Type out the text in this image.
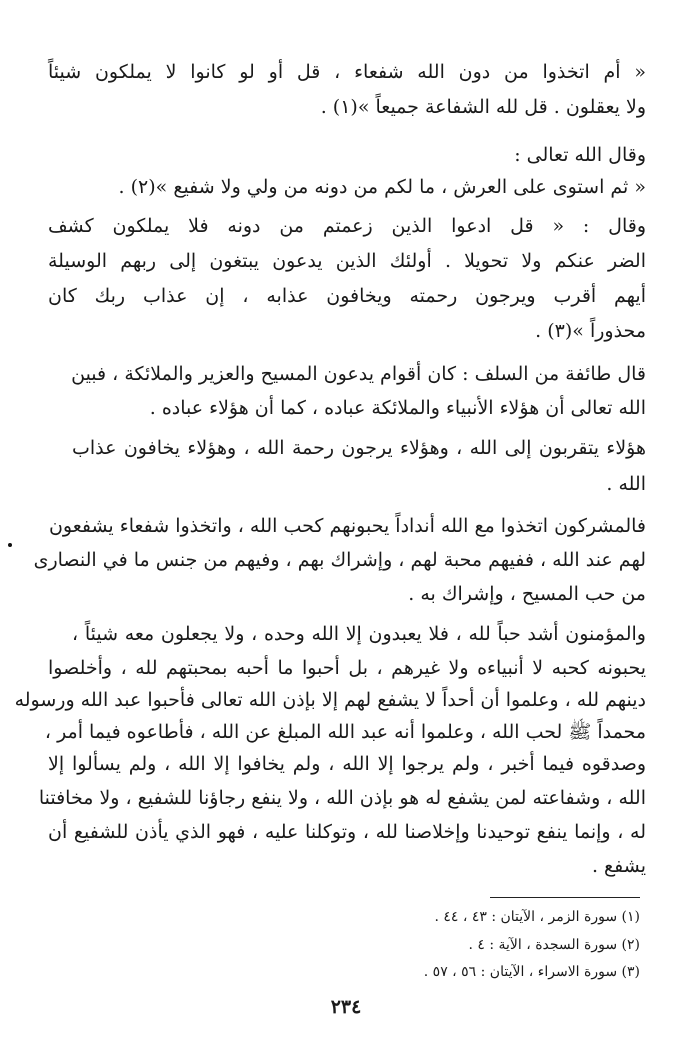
« أم اتخذوا من دون الله شفعاء ، قل أو لو كانوا لا يملكون شيئاً
ولا يعقلون . قل لله الشفاعة جميعاً »(١) .
وقال الله تعالى :
« ثم استوى على العرش ، ما لكم من دونه من ولي ولا شفيع »(٢) .
وقال : « قل ادعوا الذين زعمتم من دونه فلا يملكون كشف
الضر عنكم ولا تحويلا . أولئك الذين يدعون يبتغون إلى ربهم الوسيلة
أيهم أقرب ويرجون رحمته ويخافون عذابه ، إن عذاب ربك كان
محذوراً »(٣) .
قال طائفة من السلف : كان أقوام يدعون المسيح والعزير والملائكة ، فبين
الله تعالى أن هؤلاء الأنبياء والملائكة عباده ، كما أن هؤلاء عباده .
هؤلاء يتقربون إلى الله ، وهؤلاء يرجون رحمة الله ، وهؤلاء يخافون عذاب
الله .
فالمشركون اتخذوا مع الله أنداداً يحبونهم كحب الله ، واتخذوا شفعاء يشفعون
لهم عند الله ، ففيهم محبة لهم ، وإشراك بهم ، وفيهم من جنس ما في النصارى
من حب المسيح ، وإشراك به .
والمؤمنون أشد حباً لله ، فلا يعبدون إلا الله وحده ، ولا يجعلون معه شيئاً ،
يحبونه كحبه لا أنبياءه ولا غيرهم ، بل أحبوا ما أحبه بمحبتهم لله ، وأخلصوا
دينهم لله ، وعلموا أن أحداً لا يشفع لهم إلا بإذن الله تعالى فأحبوا عبد الله ورسوله
محمداً ﷺ لحب الله ، وعلموا أنه عبد الله المبلغ عن الله ، فأطاعوه فيما أمر ،
وصدقوه فيما أخبر ، ولم يرجوا إلا الله ، ولم يخافوا إلا الله ، ولم يسألوا إلا
الله ، وشفاعته لمن يشفع له هو بإذن الله ، ولا ينفع رجاؤنا للشفيع ، ولا مخافتنا
له ، وإنما ينفع توحيدنا وإخلاصنا لله ، وتوكلنا عليه ، فهو الذي يأذن للشفيع أن
يشفع .
(١) سورة الزمر ، الآيتان : ٤٣ ، ٤٤ .
(٢) سورة السجدة ، الآية : ٤ .
(٣) سورة الاسراء ، الآيتان : ٥٦ ، ٥٧ .
٢٣٤
